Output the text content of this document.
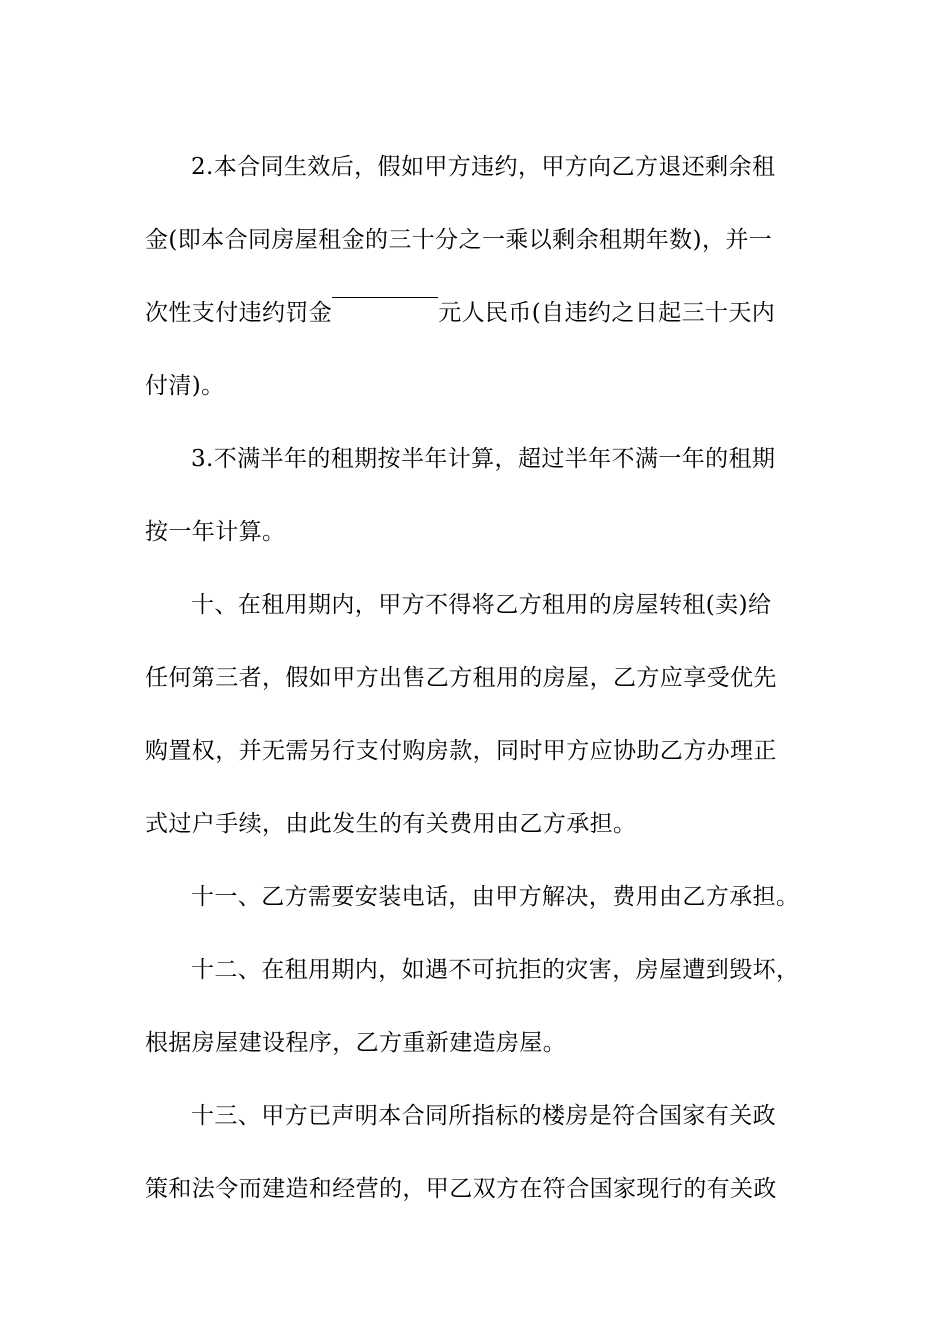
2.本合同生效后，假如甲方违约，甲方向乙方退还剩余租
金(即本合同房屋租金的三十分之一乘以剩余租期年数)，并一
次性支付违约罚金	元人民币(自违约之日起三十天内
付清)。

3.不满半年的租期按半年计算，超过半年不满一年的租期
按一年计算。

十、在租用期内，甲方不得将乙方租用的房屋转租(卖)给
任何第三者，假如甲方出售乙方租用的房屋，乙方应享受优先
购置权，并无需另行支付购房款，同时甲方应协助乙方办理正
式过户手续，由此发生的有关费用由乙方承担。

十一、乙方需要安装电话，由甲方解决，费用由乙方承担。

十二、在租用期内，如遇不可抗拒的灾害，房屋遭到毁坏，
根据房屋建设程序，乙方重新建造房屋。

十三、甲方已声明本合同所指标的楼房是符合国家有关政
策和法令而建造和经营的，甲乙双方在符合国家现行的有关政
